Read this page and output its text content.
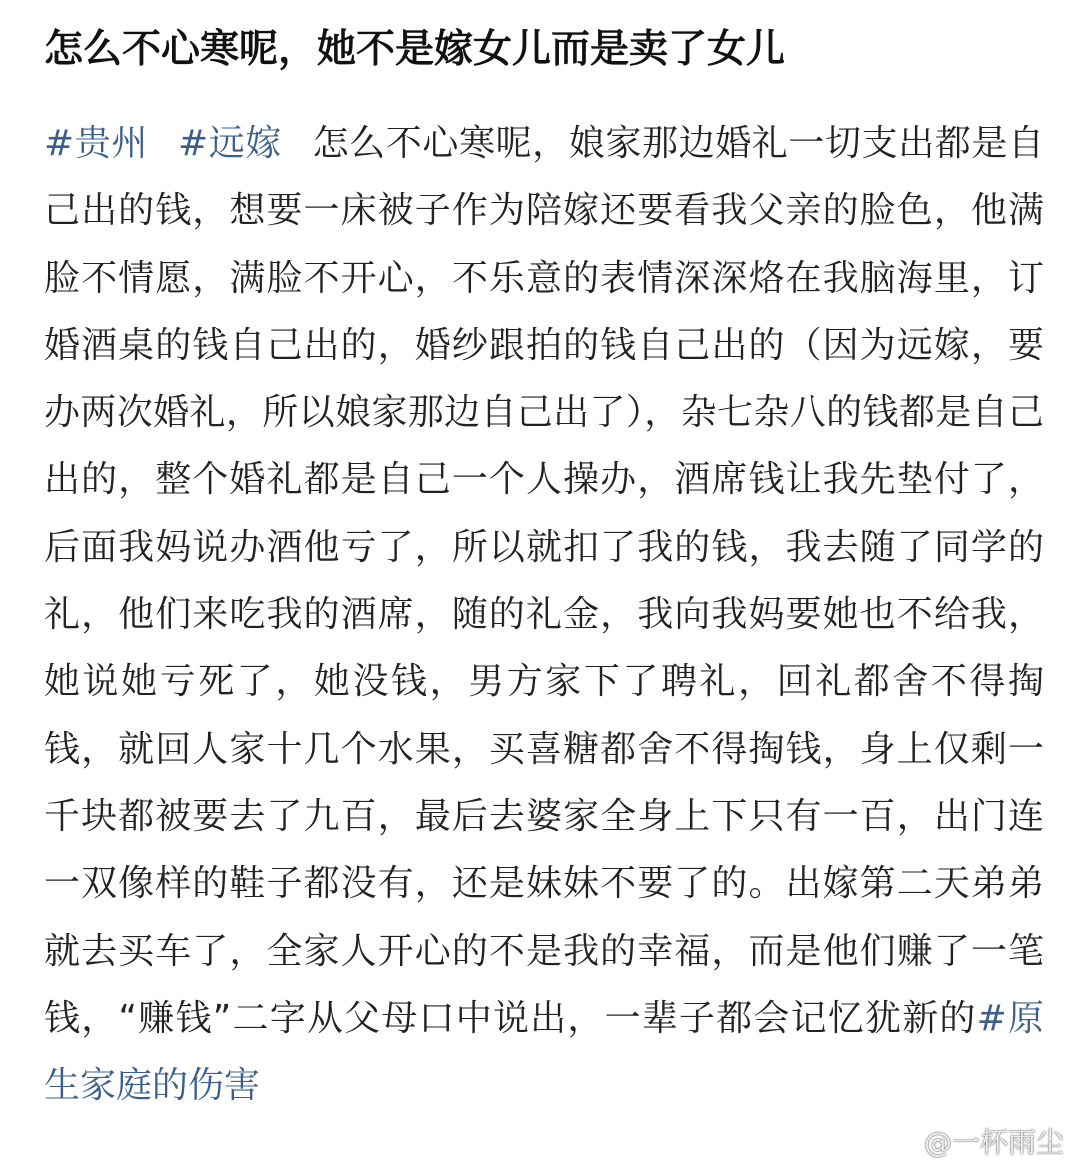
怎么不心寒呢，她不是嫁女儿而是卖了女儿
#贵州 #远嫁 怎么不心寒呢，娘家那边婚礼一切支出都是自己出的钱，想要一床被子作为陪嫁还要看我父亲的脸色，他满脸不情愿，满脸不开心，不乐意的表情深深烙在我脑海里，订婚酒桌的钱自己出的，婚纱跟拍的钱自己出的（因为远嫁，要办两次婚礼，所以娘家那边自己出了），杂七杂八的钱都是自己出的，整个婚礼都是自己一个人操办，酒席钱让我先垫付了，后面我妈说办酒他亏了，所以就扣了我的钱，我去随了同学的礼，他们来吃我的酒席，随的礼金，我向我妈要她也不给我，她说她亏死了，她没钱，男方家下了聘礼，回礼都舍不得掏钱，就回人家十几个水果，买喜糖都舍不得掏钱，身上仅剩一千块都被要去了九百，最后去婆家全身上下只有一百，出门连一双像样的鞋子都没有，还是妹妹不要了的。出嫁第二天弟弟就去买车了，全家人开心的不是我的幸福，而是他们赚了一笔钱，“赚钱”二字从父母口中说出，一辈子都会记忆犹新的#原生家庭的伤害
@一杯雨尘
